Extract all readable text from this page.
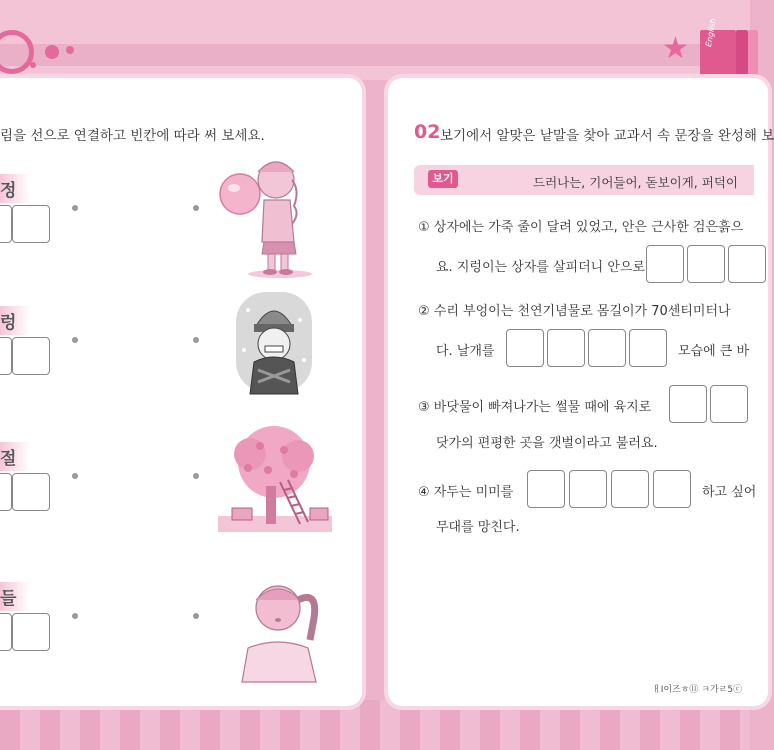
★ English
림을 선으로 연결하고 빈칸에 따라 써 보세요.
정
렁
절
들
02 보기에서 알맞은 낱말을 찾아 교과서 속 문장을 완성해 보
보기	드러나는, 기어들어, 돋보이게, 퍼덕이
① 상자에는 가죽 줄이 달려 있었고, 안은 근사한 검은흙으
요. 지렁이는 상자를 살피더니 안으로
② 수리 부엉이는 천연기념물로 몸길이가 70센티미터나
다. 날개를	모습에 큰 바
③ 바닷물이 빠져나가는 썰물 때에 육지로
닷가의 편평한 곳을 갯벌이라고 불러요.
④ 자두는 미미를	하고 싶어
무대를 망친다.
ㅐI이즈ㅎ⑪ ㅋ가ㄹ5ⓒ
